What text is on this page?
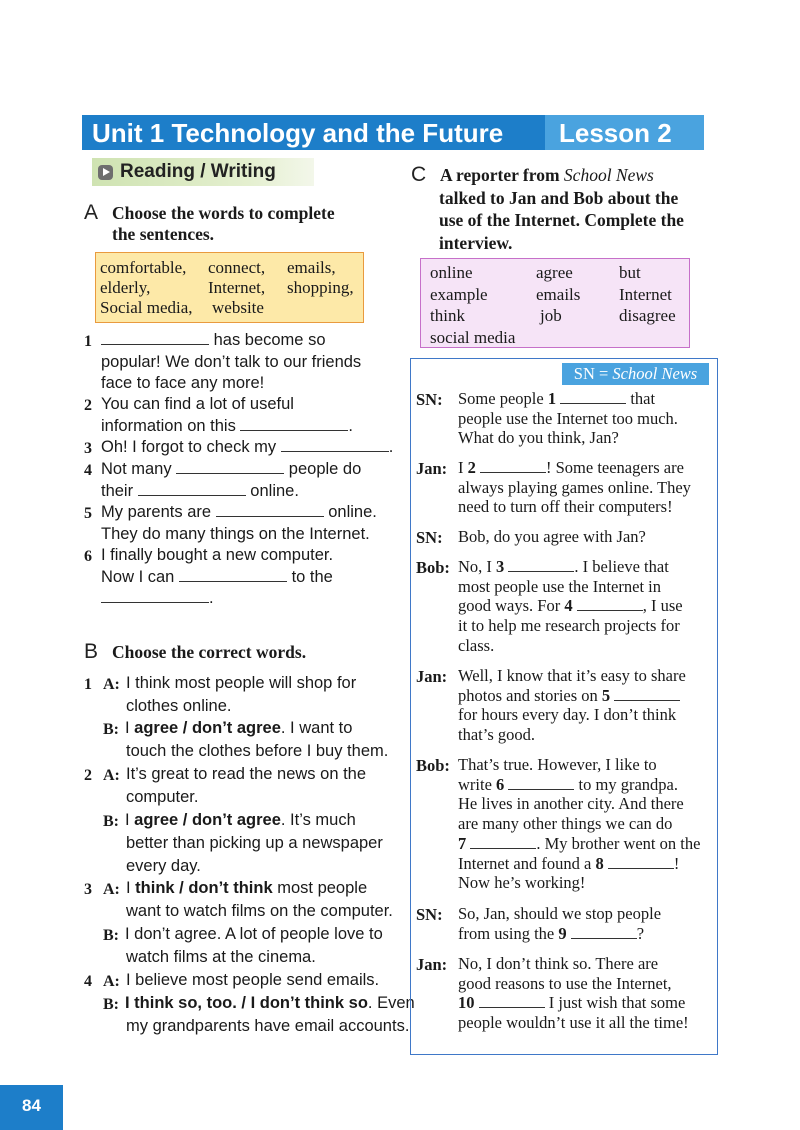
Unit 1 Technology and the Future Lesson 2
Reading / Writing
A Choose the words to complete
the sentences.
comfortable, connect, emails,
elderly,	Internet, shopping,
Social media, website
1	has become so
popular! We don’t talk to our friends
face to face any more!
2 You can find a lot of useful
information on this	.
3 Oh! I forgot to check my	.
4 Not many	people do
their	online.
5 My parents are	online.
They do many things on the Internet.
6 I finally bought a new computer.
Now I can	to the
.
B Choose the correct words.
1 A: I think most people will shop for
clothes online.
B: I agree / don’t agree. I want to
touch the clothes before I buy them.
2 A: It’s great to read the news on the
computer.
B: I agree / don’t agree. It’s much
better than picking up a newspaper
every day.
3 A: I think / don’t think most people
want to watch films on the computer.
B: I don’t agree. A lot of people love to
watch films at the cinema.
4 A: I believe most people send emails.
B: I think so, too. / I don’t think so. Even
my grandparents have email accounts.
C A reporter from School News
talked to Jan and Bob about the
use of the Internet. Complete the
interview.
online	agree	but
example	emails Internet
think	job	disagree
social media
SN = School News
SN: Some people 1	that
people use the Internet too much.
What do you think, Jan?
Jan: I 2	! Some teenagers are
always playing games online. They
need to turn off their computers!
SN: Bob, do you agree with Jan?
Bob: No, I 3	. I believe that
most people use the Internet in
good ways. For 4	, I use
it to help me research projects for
class.
Jan: Well, I know that it’s easy to share
photos and stories on 5
for hours every day. I don’t think
that’s good.
Bob: That’s true. However, I like to
write 6	to my grandpa.
He lives in another city. And there
are many other things we can do
7	. My brother went on the
Internet and found a 8	!
Now he’s working!
SN: So, Jan, should we stop people
from using the 9	?
Jan: No, I don’t think so. There are
good reasons to use the Internet,
10	I just wish that some
people wouldn’t use it all the time!
84
